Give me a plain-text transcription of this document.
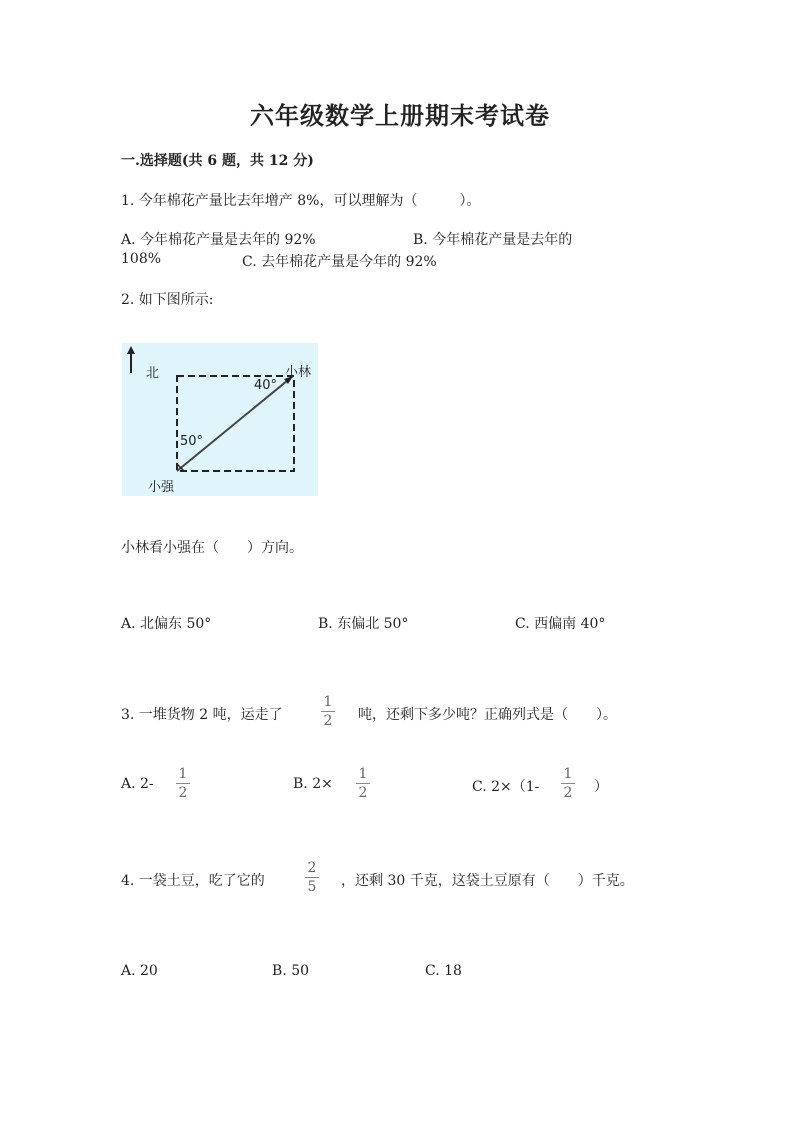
六年级数学上册期末考试卷
一.选择题(共 6 题，共 12 分)
1. 今年棉花产量比去年增产 8%，可以理解为（　　　）。
A. 今年棉花产量是去年的 92%	B. 今年棉花产量是去年的
108%	C. 去年棉花产量是今年的 92%
2. 如下图所示:
北	小林
40°
50°
小强
小林看小强在（　　）方向。
A. 北偏东 50°	B. 东偏北 50°	C. 西偏南 40°
3. 一堆货物 2 吨，运走了
1
2 吨，还剩下多少吨？正确列式是（　　）。
A. 2-
1
2
B. 2×
1
2	C. 2×（1-
1
2 ）
4. 一袋土豆，吃了它的
2
5 ，还剩 30 千克，这袋土豆原有（　　）千克。
A. 20	B. 50	C. 18
